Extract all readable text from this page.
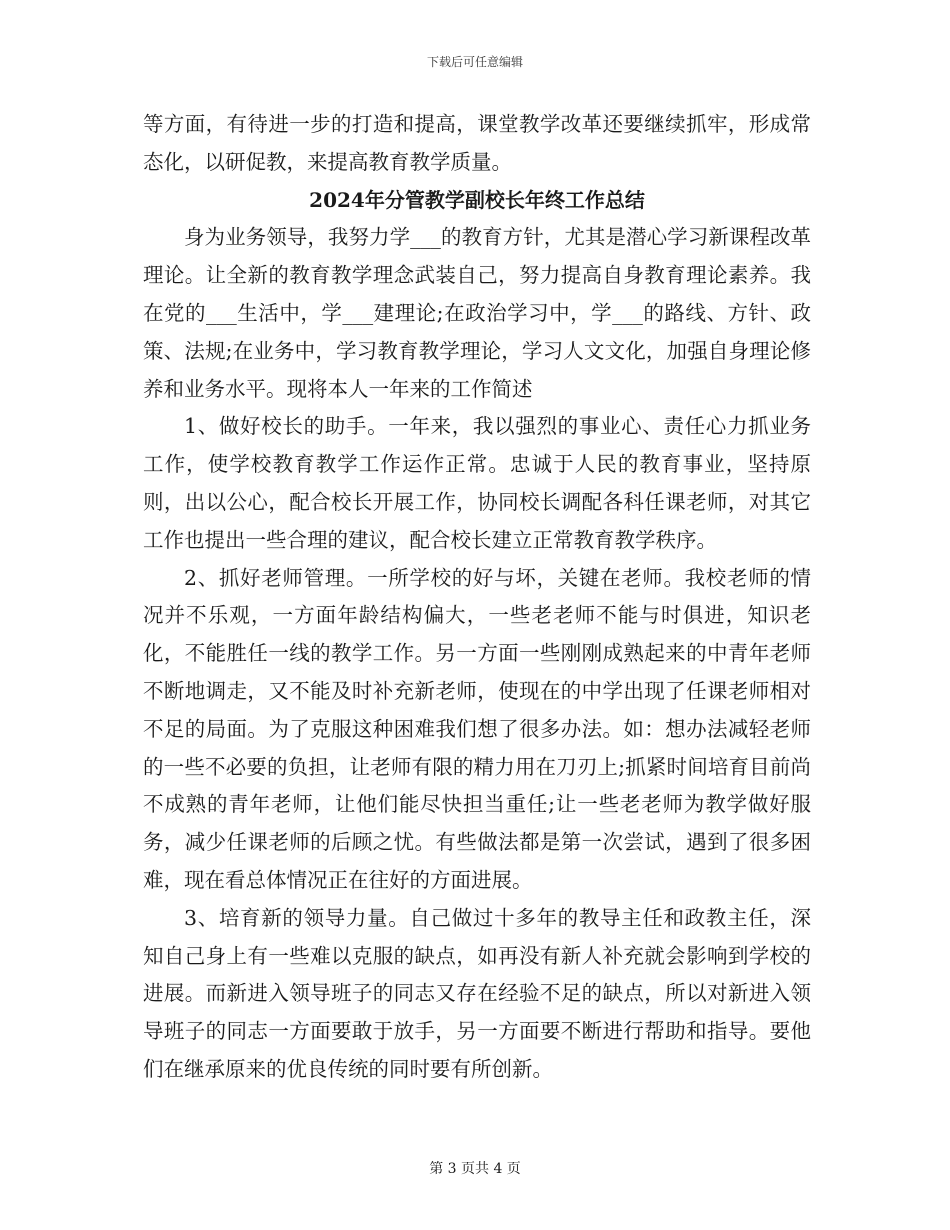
下载后可任意编辑

等方面，有待进一步的打造和提高，课堂教学改革还要继续抓牢，形成常态化，以研促教，来提高教育教学质量。

2024年分管教学副校长年终工作总结

身为业务领导，我努力学___的教育方针，尤其是潜心学习新课程改革理论。让全新的教育教学理念武装自己，努力提高自身教育理论素养。我在党的___生活中，学___建理论;在政治学习中，学___的路线、方针、政策、法规;在业务中，学习教育教学理论，学习人文文化，加强自身理论修养和业务水平。现将本人一年来的工作简述

1、做好校长的助手。一年来，我以强烈的事业心、责任心力抓业务工作，使学校教育教学工作运作正常。忠诚于人民的教育事业，坚持原则，出以公心，配合校长开展工作，协同校长调配各科任课老师，对其它工作也提出一些合理的建议，配合校长建立正常教育教学秩序。

2、抓好老师管理。一所学校的好与坏，关键在老师。我校老师的情况并不乐观，一方面年龄结构偏大，一些老老师不能与时俱进，知识老化，不能胜任一线的教学工作。另一方面一些刚刚成熟起来的中青年老师不断地调走，又不能及时补充新老师，使现在的中学出现了任课老师相对不足的局面。为了克服这种困难我们想了很多办法。如：想办法减轻老师的一些不必要的负担，让老师有限的精力用在刀刃上;抓紧时间培育目前尚不成熟的青年老师，让他们能尽快担当重任;让一些老老师为教学做好服务，减少任课老师的后顾之忧。有些做法都是第一次尝试，遇到了很多困难，现在看总体情况正在往好的方面进展。

3、培育新的领导力量。自己做过十多年的教导主任和政教主任，深知自己身上有一些难以克服的缺点，如再没有新人补充就会影响到学校的进展。而新进入领导班子的同志又存在经验不足的缺点，所以对新进入领导班子的同志一方面要敢于放手，另一方面要不断进行帮助和指导。要他们在继承原来的优良传统的同时要有所创新。

第 3 页共 4 页
